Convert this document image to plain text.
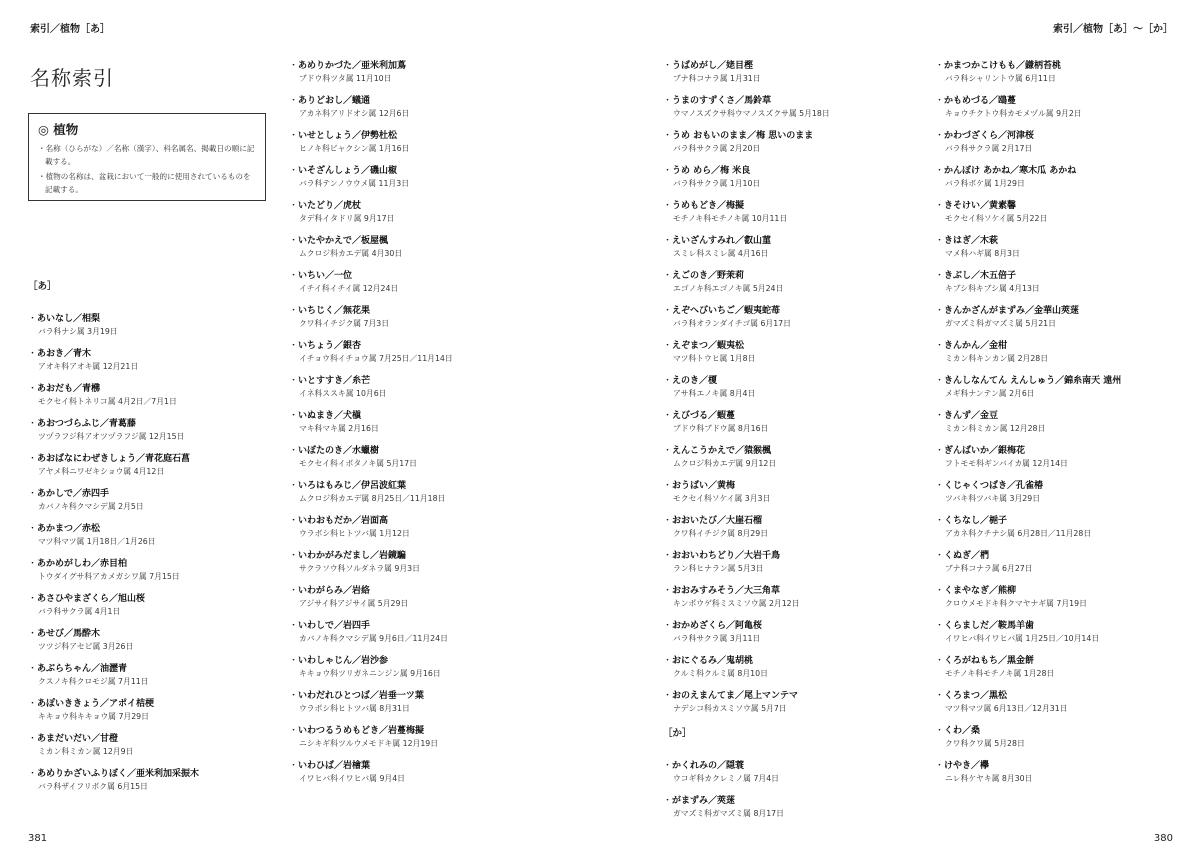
索引／植物［あ］	索引／植物［あ］～［か］
名称索引
◎ 植物
・名称（ひらがな）／名称（漢字）、科名属名、掲載日の順に記載する。
・植物の名称は、盆栽において一般的に使用されているものを記載する。
［あ］
・ あいなし／相梨
バラ科ナシ属 3月19日
・ あおき／青木
アオキ科アオキ属 12月21日
・ あおだも／青梻
モクセイ科トネリコ属 4月2日／7月1日
・ あおつづらふじ／青葛藤
ツヅラフジ科アオツヅラフジ属 12月15日
・ あおばなにわぜきしょう／青花庭石菖
アヤメ科ニワゼキショウ属 4月12日
・ あかしで／赤四手
カバノキ科クマシデ属 2月5日
・ あかまつ／赤松
マツ科マツ属 1月18日／1月26日
・ あかめがしわ／赤目柏
トウダイグサ科アカメガシワ属 7月15日
・ あさひやまざくら／旭山桜
バラ科サクラ属 4月1日
・ あせび／馬酔木
ツツジ科アセビ属 3月26日
・ あぶらちゃん／油瀝青
クスノキ科クロモジ属 7月11日
・ あぽいききょう／アポイ桔梗
キキョウ科キキョウ属 7月29日
・ あまだいだい／甘橙
ミカン科ミカン属 12月9日
・ あめりかざいふりぼく／亜米利加采振木
バラ科ザイフリボク属 6月15日
・ あめりかづた／亜米利加蔦
ブドウ科ツタ属 11月10日
・ ありどおし／蟻通
アカネ科アリドオシ属 12月6日
・ いせとしょう／伊勢杜松
ヒノキ科ビャクシン属 1月16日
・ いそざんしょう／磯山椒
バラ科テンノウウメ属 11月3日
・ いたどり／虎杖
タデ科イタドリ属 9月17日
・ いたやかえで／板屋楓
ムクロジ科カエデ属 4月30日
・ いちい／一位
イチイ科イチイ属 12月24日
・ いちじく／無花果
クワ科イチジク属 7月3日
・ いちょう／銀杏
イチョウ科イチョウ属 7月25日／11月14日
・ いとすすき／糸芒
イネ科ススキ属 10月6日
・ いぬまき／犬槇
マキ科マキ属 2月16日
・ いぼたのき／水蠟樹
モクセイ科イボタノキ属 5月17日
・ いろはもみじ／伊呂波紅葉
ムクロジ科カエデ属 8月25日／11月18日
・ いわおもだか／岩面高
ウラボシ科ヒトツバ属 1月12日
・ いわかがみだまし／岩鏡騙
サクラソウ科ソルダネラ属 9月3日
・ いわがらみ／岩絡
アジサイ科アジサイ属 5月29日
・ いわしで／岩四手
カバノキ科クマシデ属 9月6日／11月24日
・ いわしゃじん／岩沙参
キキョウ科ツリガネニンジン属 9月16日
・ いわだれひとつば／岩垂一ツ葉
ウラボシ科ヒトツバ属 8月31日
・ いわつるうめもどき／岩蔓梅擬
ニシキギ科ツルウメモドキ属 12月19日
・ いわひば／岩檜葉
イワヒバ科イワヒバ属 9月4日
・ うばめがし／姥目樫
ブナ科コナラ属 1月31日
・ うまのすずくさ／馬鈴草
ウマノスズクサ科ウマノスズクサ属 5月18日
・ うめ おもいのまま／梅 思いのまま
バラ科サクラ属 2月20日
・ うめ めら／梅 米良
バラ科サクラ属 1月10日
・ うめもどき／梅擬
モチノキ科モチノキ属 10月11日
・ えいざんすみれ／叡山菫
スミレ科スミレ属 4月16日
・ えごのき／野茉莉
エゴノキ科エゴノキ属 5月24日
・ えぞへびいちご／蝦夷蛇苺
バラ科オランダイチゴ属 6月17日
・ えぞまつ／蝦夷松
マツ科トウヒ属 1月8日
・ えのき／榎
アサ科エノキ属 8月4日
・ えびづる／蝦蔓
ブドウ科ブドウ属 8月16日
・ えんこうかえで／猿猴楓
ムクロジ科カエデ属 9月12日
・ おうばい／黄梅
モクセイ科ソケイ属 3月3日
・ おおいたび／大崖石榴
クワ科イチジク属 8月29日
・ おおいわちどり／大岩千鳥
ラン科ヒナラン属 5月3日
・ おおみすみそう／大三角草
キンポウゲ科ミスミソウ属 2月12日
・ おかめざくら／阿亀桜
バラ科サクラ属 3月11日
・ おにぐるみ／鬼胡桃
クルミ科クルミ属 8月10日
・ おのえまんてま／尾上マンテマ
ナデシコ科カスミソウ属 5月7日
［か］
・ かくれみの／隠蓑
ウコギ科カクレミノ属 7月4日
・ がまずみ／莢蒾
ガマズミ科ガマズミ属 8月17日
・ かまつかこけもも／鎌柄苔桃
バラ科シャリントウ属 6月11日
・ かもめづる／鴎蔓
キョウチクトウ科カモメヅル属 9月2日
・ かわづざくら／河津桜
バラ科サクラ属 2月17日
・ かんぼけ あかね／寒木瓜 あかね
バラ科ボケ属 1月29日
・ きそけい／黄素馨
モクセイ科ソケイ属 5月22日
・ きはぎ／木萩
マメ科ハギ属 8月3日
・ きぶし／木五倍子
キブシ科キブシ属 4月13日
・ きんかざんがまずみ／金華山莢蒾
ガマズミ科ガマズミ属 5月21日
・ きんかん／金柑
ミカン科キンカン属 2月28日
・ きんしなんてん えんしゅう／錦糸南天 遠州
メギ科ナンテン属 2月6日
・ きんず／金豆
ミカン科ミカン属 12月28日
・ ぎんばいか／銀梅花
フトモモ科ギンバイカ属 12月14日
・ くじゃくつばき／孔雀椿
ツバキ科ツバキ属 3月29日
・ くちなし／梔子
アカネ科クチナシ属 6月28日／11月28日
・ くぬぎ／椚
ブナ科コナラ属 6月27日
・ くまやなぎ／熊柳
クロウメモドキ科クマヤナギ属 7月19日
・ くらましだ／鞍馬羊歯
イワヒバ科イワヒバ属 1月25日／10月14日
・ くろがねもち／黒金餅
モチノキ科モチノキ属 1月28日
・ くろまつ／黒松
マツ科マツ属 6月13日／12月31日
・ くわ／桑
クワ科クワ属 5月28日
・ けやき／欅
ニレ科ケヤキ属 8月30日
381	380
